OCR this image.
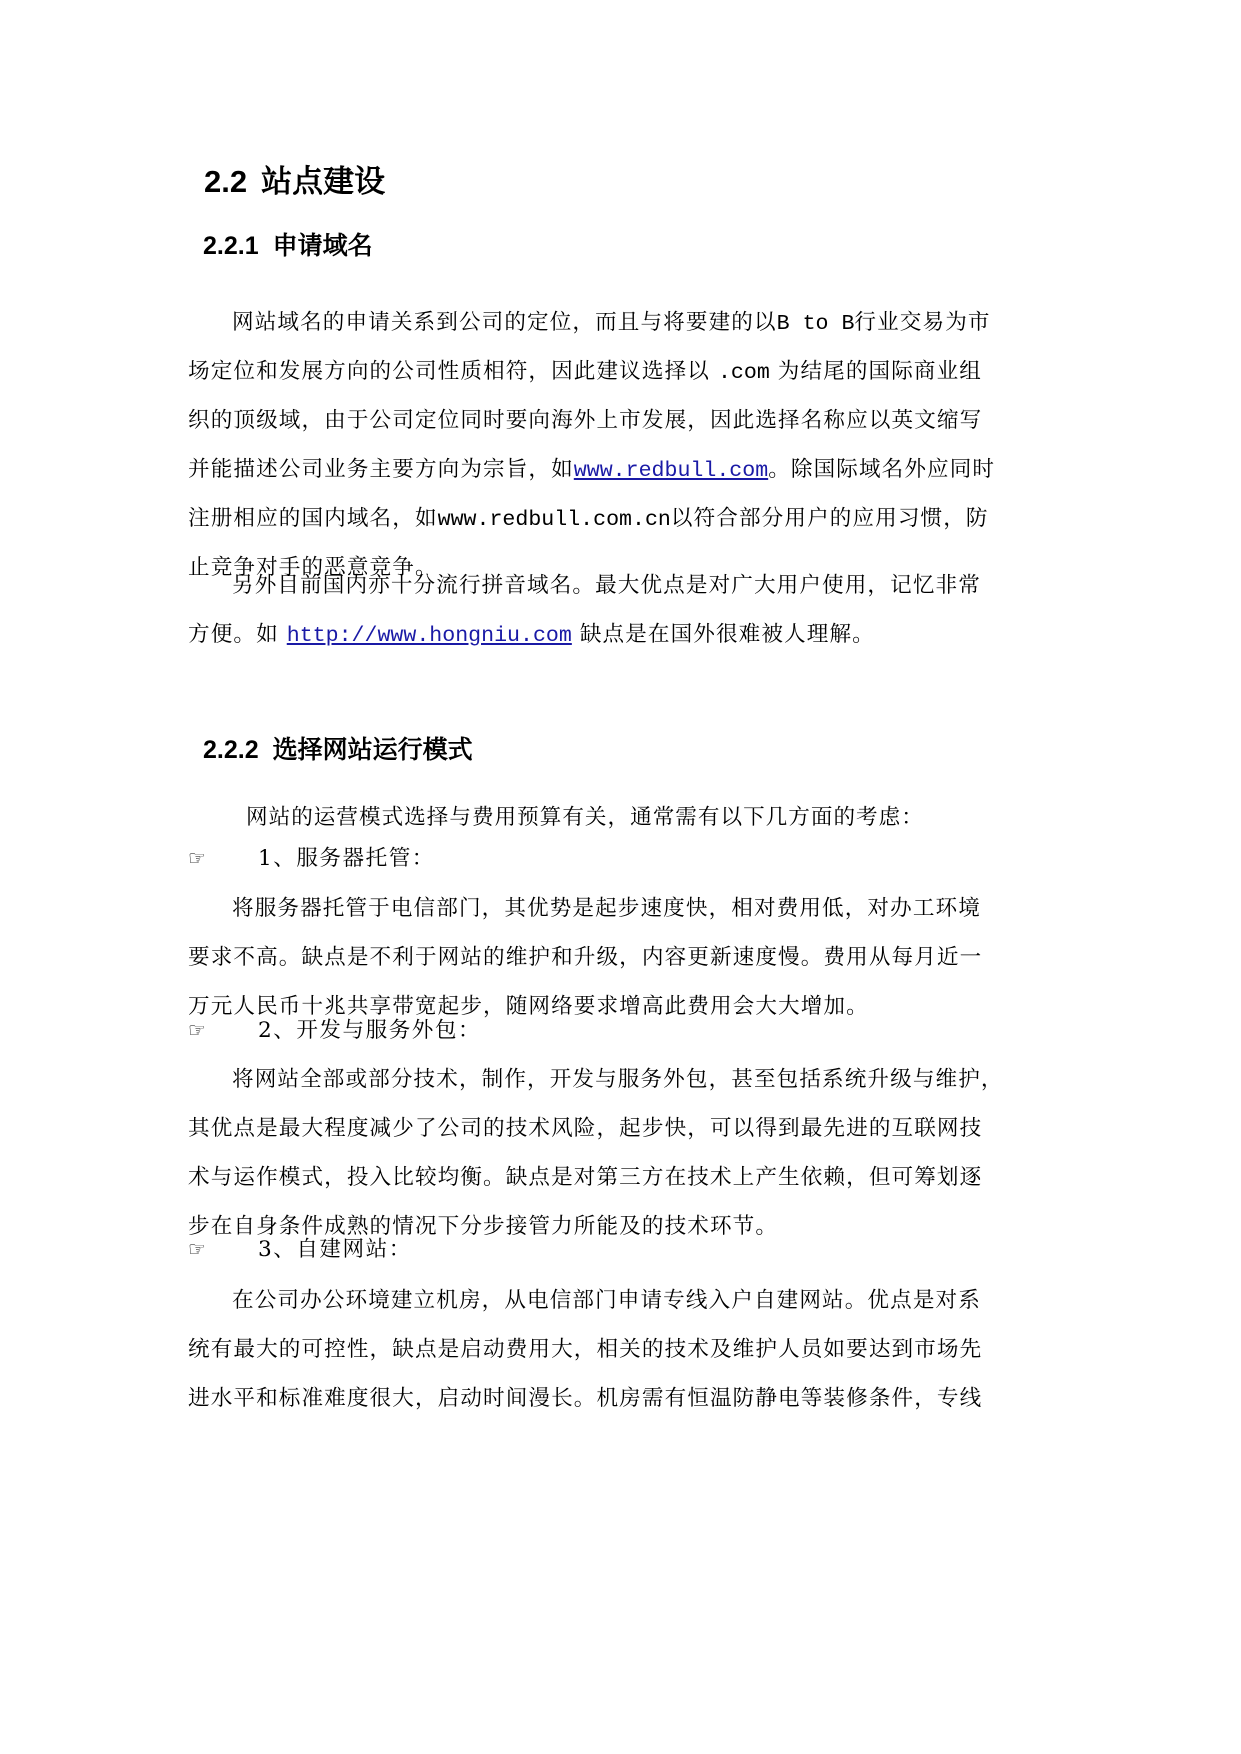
2.2 站点建设
2.2.1 申请域名
网站域名的申请关系到公司的定位，而且与将要建的以B to B行业交易为市
场定位和发展方向的公司性质相符，因此建议选择以 .com 为结尾的国际商业组
织的顶级域，由于公司定位同时要向海外上市发展，因此选择名称应以英文缩写
并能描述公司业务主要方向为宗旨，如www.redbull.com。除国际域名外应同时
注册相应的国内域名，如www.redbull.com.cn以符合部分用户的应用习惯，防
止竞争对手的恶意竞争。
另外目前国内亦十分流行拼音域名。最大优点是对广大用户使用，记忆非常
方便。如 http://www.hongniu.com 缺点是在国外很难被人理解。
2.2.2 选择网站运行模式

网站的运营模式选择与费用预算有关，通常需有以下几方面的考虑：

☞ 1、服务器托管：
将服务器托管于电信部门，其优势是起步速度快，相对费用低，对办工环境
要求不高。缺点是不利于网站的维护和升级，内容更新速度慢。费用从每月近一
万元人民币十兆共享带宽起步，随网络要求增高此费用会大大增加。
☞ 2、开发与服务外包：
将网站全部或部分技术，制作，开发与服务外包，甚至包括系统升级与维护，
其优点是最大程度减少了公司的技术风险，起步快，可以得到最先进的互联网技
术与运作模式，投入比较均衡。缺点是对第三方在技术上产生依赖，但可筹划逐
步在自身条件成熟的情况下分步接管力所能及的技术环节。
☞ 3、自建网站：
在公司办公环境建立机房，从电信部门申请专线入户自建网站。优点是对系
统有最大的可控性，缺点是启动费用大，相关的技术及维护人员如要达到市场先
进水平和标准难度很大，启动时间漫长。机房需有恒温防静电等装修条件，专线
